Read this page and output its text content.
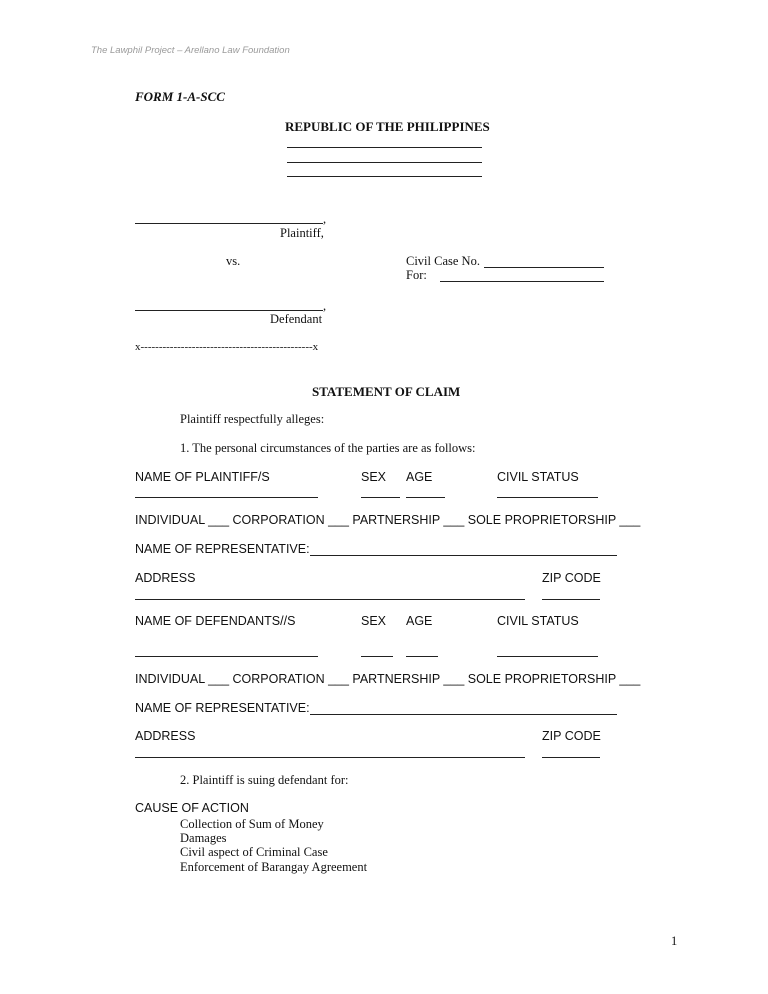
The Lawphil Project – Arellano Law Foundation
FORM 1-A-SCC
REPUBLIC OF THE PHILIPPINES
,
Plaintiff,
vs.	Civil Case No.
For:
,
Defendant
x-----------------------------------------------x
STATEMENT OF CLAIM
Plaintiff respectfully alleges:
1. The personal circumstances of the parties are as follows:
NAME OF PLAINTIFF/S	SEX AGE	CIVIL STATUS
INDIVIDUAL ___ CORPORATION ___ PARTNERSHIP ___ SOLE PROPRIETORSHIP ___
NAME OF REPRESENTATIVE:
ADDRESS	ZIP CODE
NAME OF DEFENDANTS//S	SEX AGE	CIVIL STATUS
INDIVIDUAL ___ CORPORATION ___ PARTNERSHIP ___ SOLE PROPRIETORSHIP ___
NAME OF REPRESENTATIVE:
ADDRESS	ZIP CODE
2. Plaintiff is suing defendant for:
CAUSE OF ACTION
Collection of Sum of Money
Damages
Civil aspect of Criminal Case
Enforcement of Barangay Agreement
1
